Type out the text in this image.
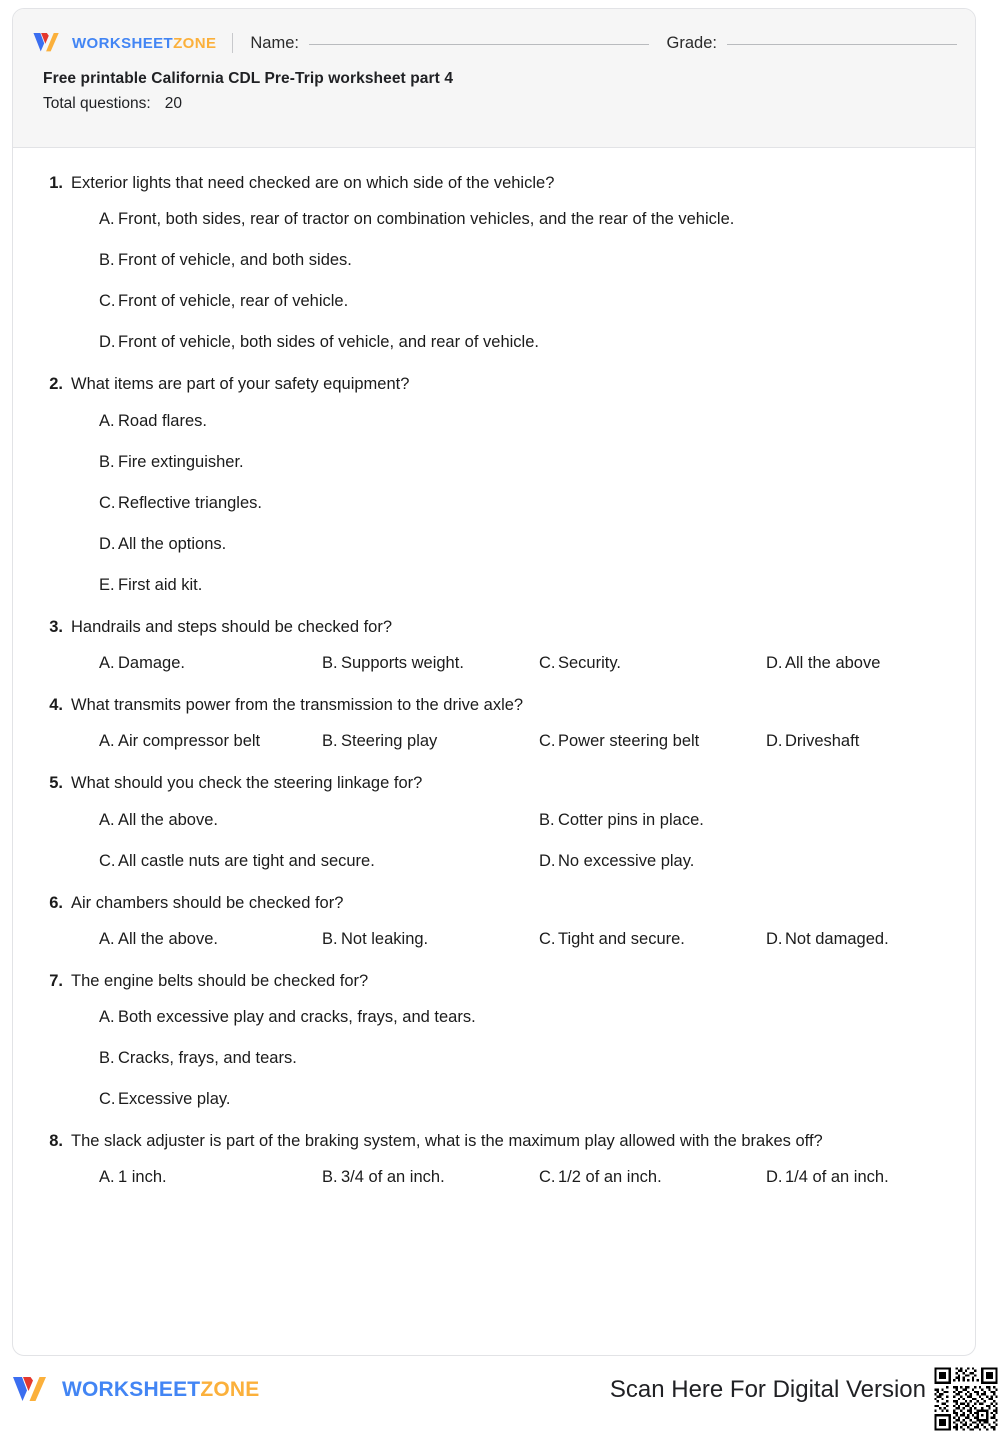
WORKSHEETZONE Name:	Grade:
Free printable California CDL Pre-Trip worksheet part 4
Total questions: 20
1. Exterior lights that need checked are on which side of the vehicle?
A. Front, both sides, rear of tractor on combination vehicles, and the rear of the vehicle.
B. Front of vehicle, and both sides.
C. Front of vehicle, rear of vehicle.
D. Front of vehicle, both sides of vehicle, and rear of vehicle.
2. What items are part of your safety equipment?
A. Road flares.
B. Fire extinguisher.
C. Reflective triangles.
D. All the options.
E. First aid kit.
3. Handrails and steps should be checked for?
A. Damage.	B. Supports weight.	C. Security.	D. All the above
4. What transmits power from the transmission to the drive axle?
A. Air compressor belt	B. Steering play	C. Power steering belt	D. Driveshaft
5. What should you check the steering linkage for?
A. All the above.	B. Cotter pins in place.
C. All castle nuts are tight and secure.	D. No excessive play.
6. Air chambers should be checked for?
A. All the above.	B. Not leaking.	C. Tight and secure.	D. Not damaged.
7. The engine belts should be checked for?
A. Both excessive play and cracks, frays, and tears.
B. Cracks, frays, and tears.
C. Excessive play.
8. The slack adjuster is part of the braking system, what is the maximum play allowed with the brakes off?
A. 1 inch.	B. 3/4 of an inch.	C. 1/2 of an inch.	D. 1/4 of an inch.
WORKSHEETZONE	Scan Here For Digital Version
